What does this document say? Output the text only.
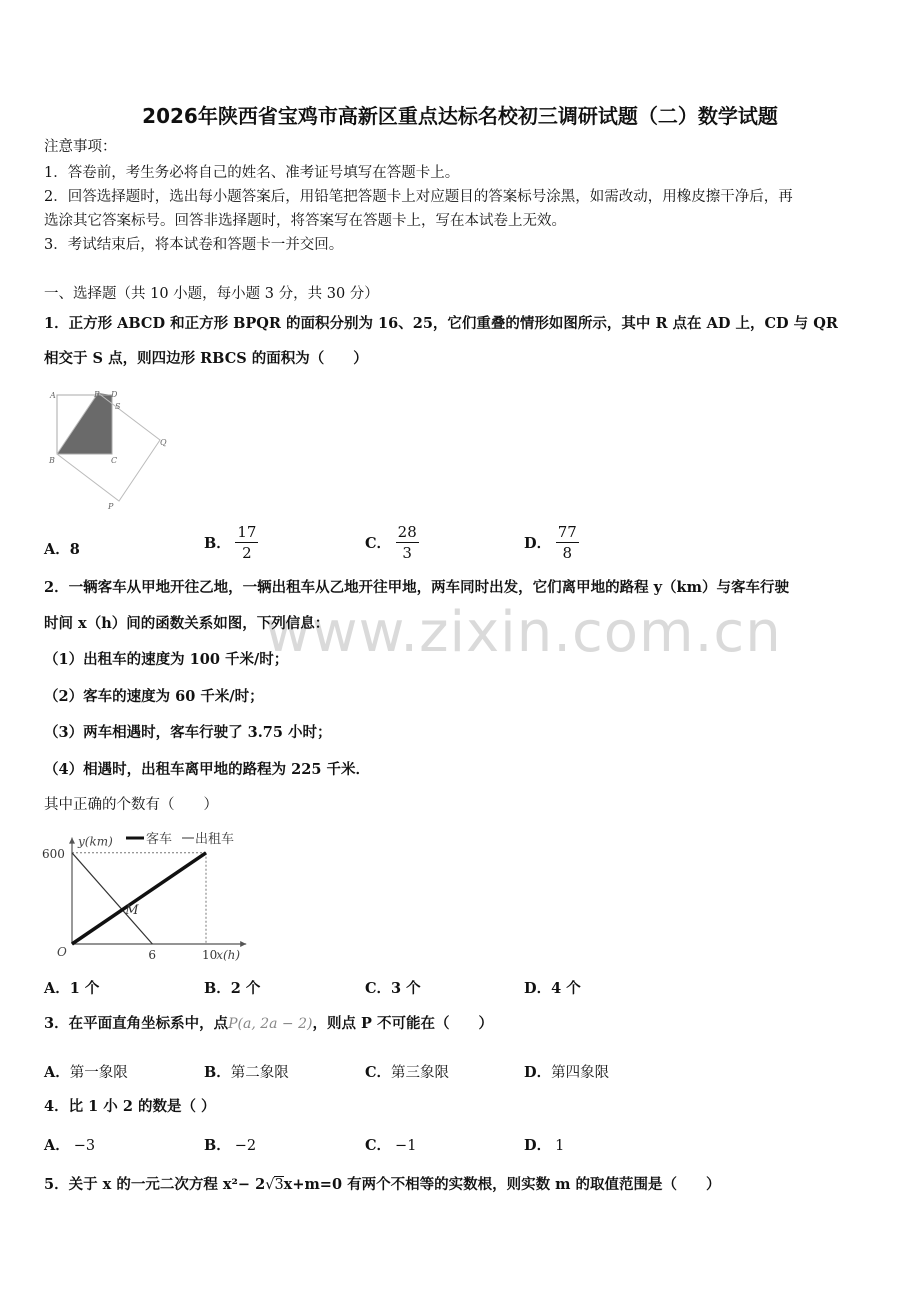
2026年陕西省宝鸡市高新区重点达标名校初三调研试题（二）数学试题
注意事项：
1．答卷前，考生务必将自己的姓名、准考证号填写在答题卡上。
2．回答选择题时，选出每小题答案后，用铅笔把答题卡上对应题目的答案标号涂黑，如需改动，用橡皮擦干净后，再
选涂其它答案标号。回答非选择题时，将答案写在答题卡上，写在本试卷上无效。
3．考试结束后，将本试卷和答题卡一并交回。
一、选择题（共 10 小题，每小题 3 分，共 30 分）
1．正方形 ABCD 和正方形 BPQR 的面积分别为 16、25，它们重叠的情形如图所示，其中 R 点在 AD 上，CD 与 QR
相交于 S 点，则四边形 RBCS 的面积为（　　）
A	R D
S
B	C
Q
P
A．8	B． $\frac{17}{2}$	C． $\frac{28}{3}$	D． $\frac{77}{8}$
www.zixin.com.cn
2．一辆客车从甲地开往乙地，一辆出租车从乙地开往甲地，两车同时出发，它们离甲地的路程 y（km）与客车行驶
时间 x（h）间的函数关系如图，下列信息：
（1）出租车的速度为 100 千米/时；
（2）客车的速度为 60 千米/时；
（3）两车相遇时，客车行驶了 3.75 小时；
（4）相遇时，出租车离甲地的路程为 225 千米．
其中正确的个数有（　　）
y(km)
x(h)
O
600
6	10
M
客车 出租车
A．1 个	B．2 个	C．3 个	D．4 个
3．在平面直角坐标系中，点P(a, 2a − 2)，则点 P 不可能在（　　）
A．第一象限	B．第二象限	C．第三象限	D．第四象限
4．比 1 小 2 的数是（ ）
A． −3	B． −2	C． −1	D． 1
5．关于 x 的一元二次方程 x²− 2√3x+m=0 有两个不相等的实数根，则实数 m 的取值范围是（　　）
